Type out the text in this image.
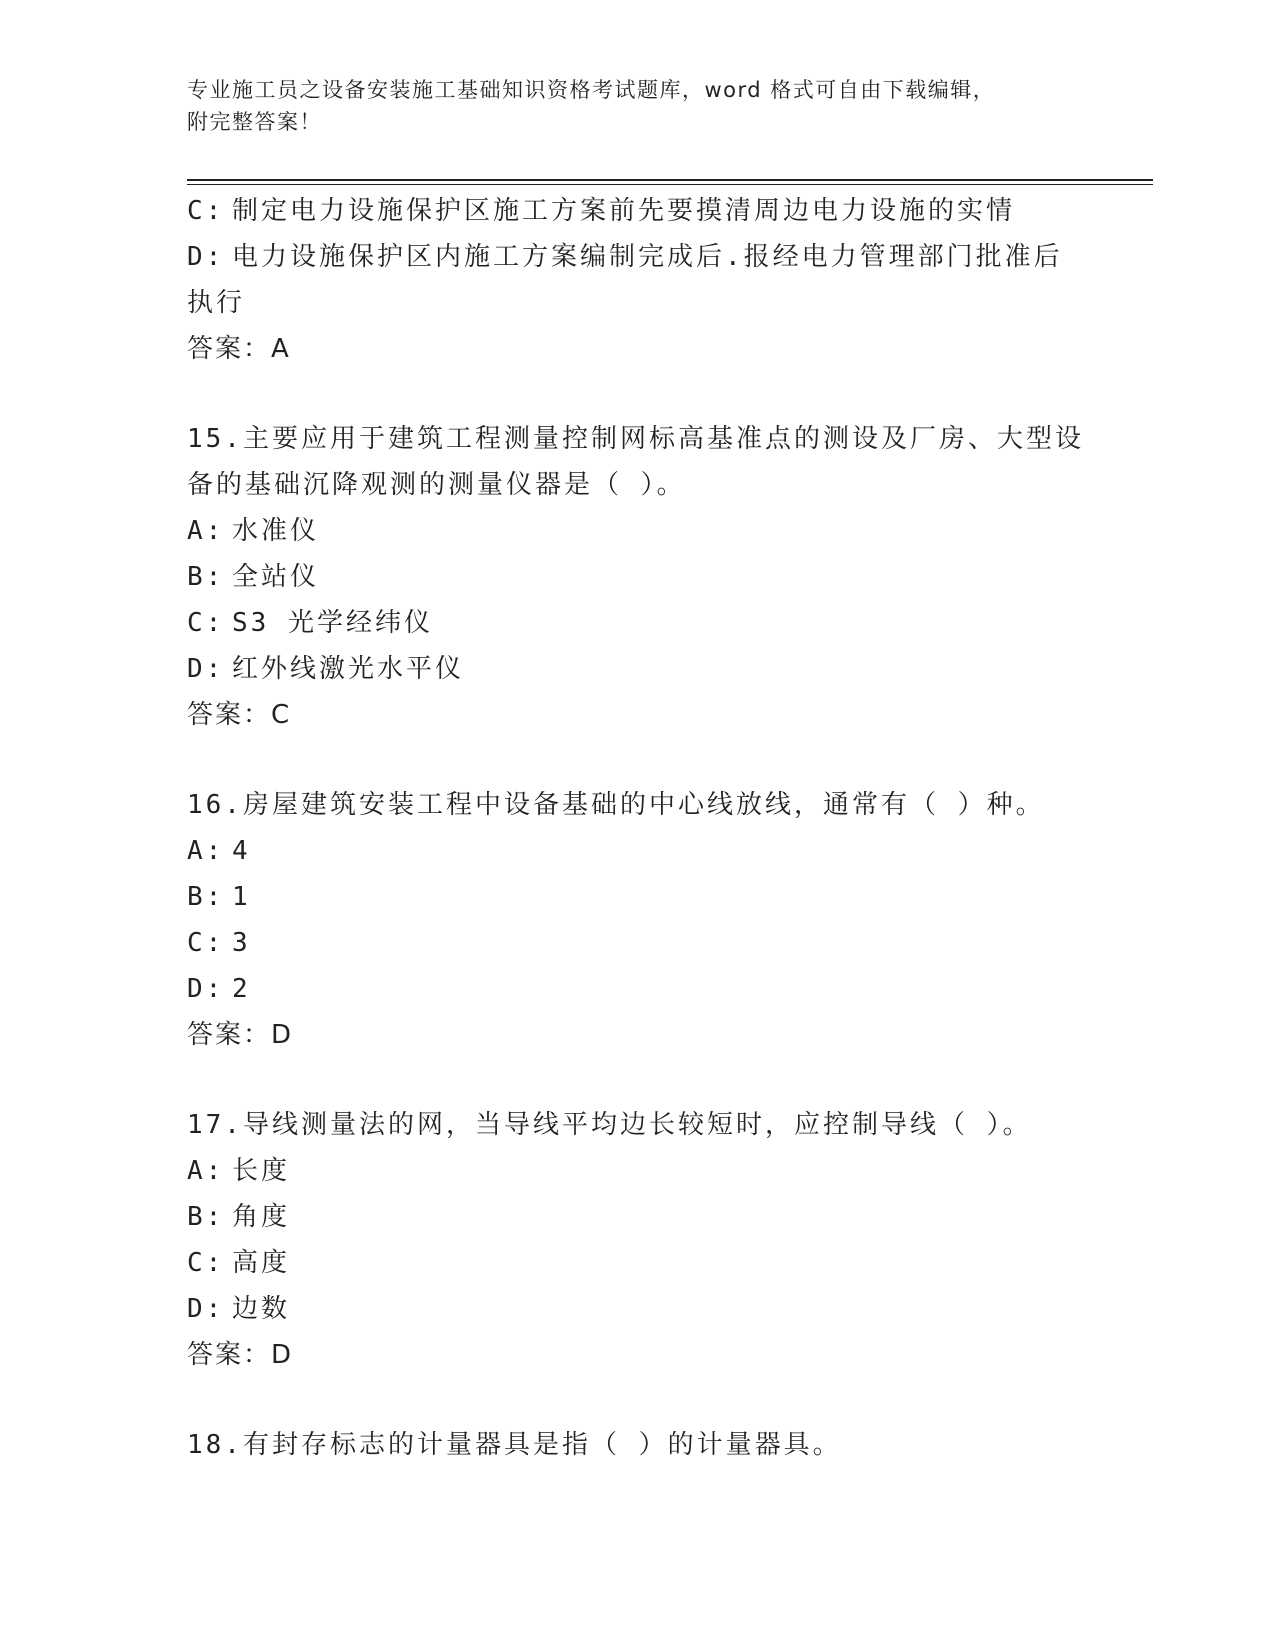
专业施工员之设备安装施工基础知识资格考试题库，word 格式可自由下载编辑，
附完整答案！

C: 制定电力设施保护区施工方案前先要摸清周边电力设施的实情

D: 电力设施保护区内施工方案编制完成后.报经电力管理部门批准后

执行

答案：A

15.主要应用于建筑工程测量控制网标高基准点的测设及厂房、大型设

备的基础沉降观测的测量仪器是（ ）。

A: 水准仪

B: 全站仪

C: S3 光学经纬仪

D: 红外线激光水平仪

答案：C

16.房屋建筑安装工程中设备基础的中心线放线，通常有（ ）种。

A: 4

B: 1

C: 3

D: 2

答案：D

17.导线测量法的网，当导线平均边长较短时，应控制导线（ ）。

A: 长度

B: 角度

C: 高度

D: 边数

答案：D

18.有封存标志的计量器具是指（ ）的计量器具。
